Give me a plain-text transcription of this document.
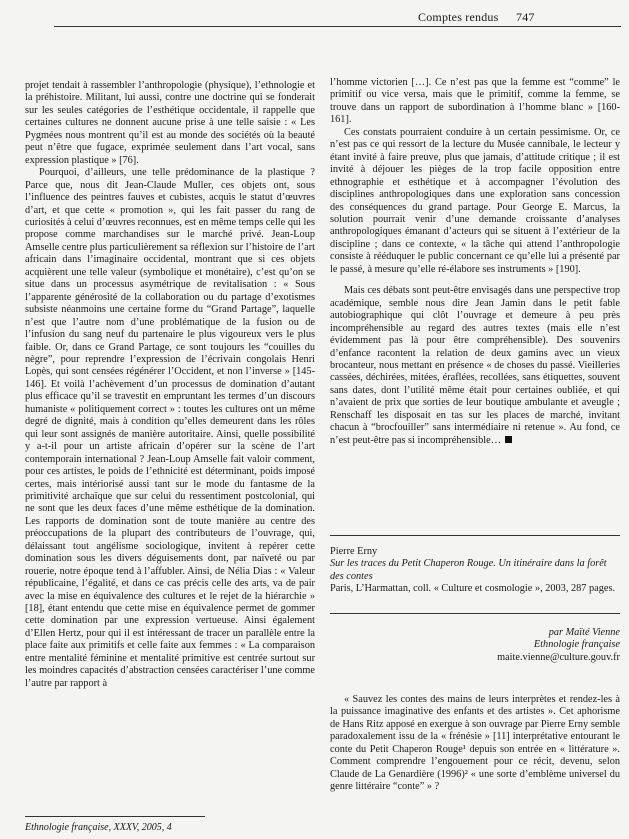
Comptes rendus 747

projet tendait à rassembler l’anthropologie (physique), l’ethnologie et la préhistoire. Militant, lui aussi, contre une doctrine qui se fonderait sur les seules catégories de l’esthétique occidentale, il rappelle que certaines cultures ne donnent aucune prise à une telle saisie : « Les Pygmées nous montrent qu’il est au monde des sociétés où la beauté peut n’être que fugace, exprimée seulement dans l’art vocal, sans expression plastique » [76].

Pourquoi, d’ailleurs, une telle prédominance de la plastique ? Parce que, nous dit Jean-Claude Muller, ces objets ont, sous l’influence des peintres fauves et cubistes, acquis le statut d’œuvres d’art, et que cette « promotion », qui les fait passer du rang de curiosités à celui d’œuvres reconnues, est en même temps celle qui les propose comme marchandises sur le marché privé. Jean-Loup Amselle centre plus particulièrement sa réflexion sur l’histoire de l’art africain dans l’imaginaire occidental, montrant que si ces objets acquièrent une telle valeur (symbolique et monétaire), c’est qu’on se situe dans un processus asymétrique de revitalisation : « Sous l’apparente générosité de la collaboration ou du partage d’exotismes subsiste néanmoins une certaine forme du “Grand Partage”, laquelle n’est que l’autre nom d’une problématique de la fusion ou de l’infusion du sang neuf du partenaire le plus vigoureux vers le plus faible. Or, dans ce Grand Partage, ce sont toujours les “couilles du nègre”, pour reprendre l’expression de l’écrivain congolais Henri Lopès, qui sont censées régénérer l’Occident, et non l’inverse » [145-146]. Et voilà l’achèvement d’un processus de domination d’autant plus efficace qu’il se travestit en empruntant les termes d’un discours humaniste « politiquement correct » : toutes les cultures ont un même degré de dignité, mais à condition qu’elles demeurent dans les rôles qui leur sont assignés de manière autoritaire. Ainsi, quelle possibilité y a-t-il pour un artiste africain d’opérer sur la scène de l’art contemporain international ? Jean-Loup Amselle fait valoir comment, pour ces artistes, le poids de l’ethnicité est déterminant, poids imposé certes, mais intériorisé aussi tant sur le mode du fantasme de la primitivité archaïque que sur celui du ressentiment postcolonial, qui ne sont que les deux faces d’une même esthétique de la domination. Les rapports de domination sont de toute manière au centre des préoccupations de la plupart des contributeurs de l’ouvrage, qui, délaissant tout angélisme sociologique, invitent à repérer cette domination sous les divers déguisements dont, par naïveté ou par rouerie, notre époque tend à l’affubler. Ainsi, de Nélia Dias : « Valeur républicaine, l’égalité, et dans ce cas précis celle des arts, va de pair avec la mise en équivalence des cultures et le rejet de la hiérarchie » [18], étant entendu que cette mise en équivalence permet de gommer cette domination par une expression vertueuse. Ainsi également d’Ellen Hertz, pour qui il est intéressant de tracer un parallèle entre la place faite aux primitifs et celle faite aux femmes : « La comparaison entre mentalité féminine et mentalité primitive est centrée surtout sur les moindres capacités d’abstraction censées caractériser l’une comme l’autre par rapport à

l’homme victorien […]. Ce n’est pas que la femme est “comme” le primitif ou vice versa, mais que le primitif, comme la femme, se trouve dans un rapport de subordination à l’homme blanc » [160-161].

Ces constats pourraient conduire à un certain pessimisme. Or, ce n’est pas ce qui ressort de la lecture du Musée cannibale, le lecteur y étant invité à faire preuve, plus que jamais, d’attitude critique ; il est invité à déjouer les pièges de la trop facile opposition entre ethnographie et esthétique et à accompagner l’évolution des disciplines anthropologiques dans une exploration sans concession des conséquences du grand partage. Pour George E. Marcus, la solution pourrait venir d’une demande croissante d’analyses anthropologiques émanant d’acteurs qui se situent à l’extérieur de la discipline ; dans ce contexte, « la tâche qui attend l’anthropologie consiste à rééduquer le public concernant ce qu’elle lui a présenté par le passé, à mesure qu’elle ré-élabore ses instruments » [190].

Mais ces débats sont peut-être envisagés dans une perspective trop académique, semble nous dire Jean Jamin dans le petit fable autobiographique qui clôt l’ouvrage et demeure à peu près incompréhensible au regard des autres textes (mais elle n’est évidemment pas là pour être compréhensible). Des souvenirs d’enfance racontent la relation de deux gamins avec un vieux brocanteur, nous mettant en présence « de choses du passé. Vieilleries cassées, déchirées, mitées, éraflées, recollées, sans étiquettes, souvent sans dates, dont l’utilité même était pour certaines oubliée, et qui n’avaient de prix que sorties de leur boutique ambulante et aveugle ; Renschaff les disposait en tas sur les places de marché, invitant chacun à “brocfouiller” sans intermédiaire ni retenue ». Au fond, ce n’est peut-être pas si incompréhensible…

Pierre Erny

Sur les traces du Petit Chaperon Rouge. Un itinéraire dans la forêt des contes

Paris, L’Harmattan, coll. « Culture et cosmologie », 2003, 287 pages.

par Maïté Vienne
Ethnologie française
maite.vienne@culture.gouv.fr

« Sauvez les contes des mains de leurs interprètes et rendez-les à la puissance imaginative des enfants et des artistes ». Cet aphorisme de Hans Ritz apposé en exergue à son ouvrage par Pierre Erny semble paradoxalement issu de la « frénésie » [11] interprétative entourant le conte du Petit Chaperon Rouge¹ depuis son entrée en « littérature ». Comment comprendre l’engouement pour ce récit, devenu, selon Claude de La Genardière (1996)² « une sorte d’emblème universel du genre littéraire “conte” » ?

Ethnologie française, XXXV, 2005, 4
